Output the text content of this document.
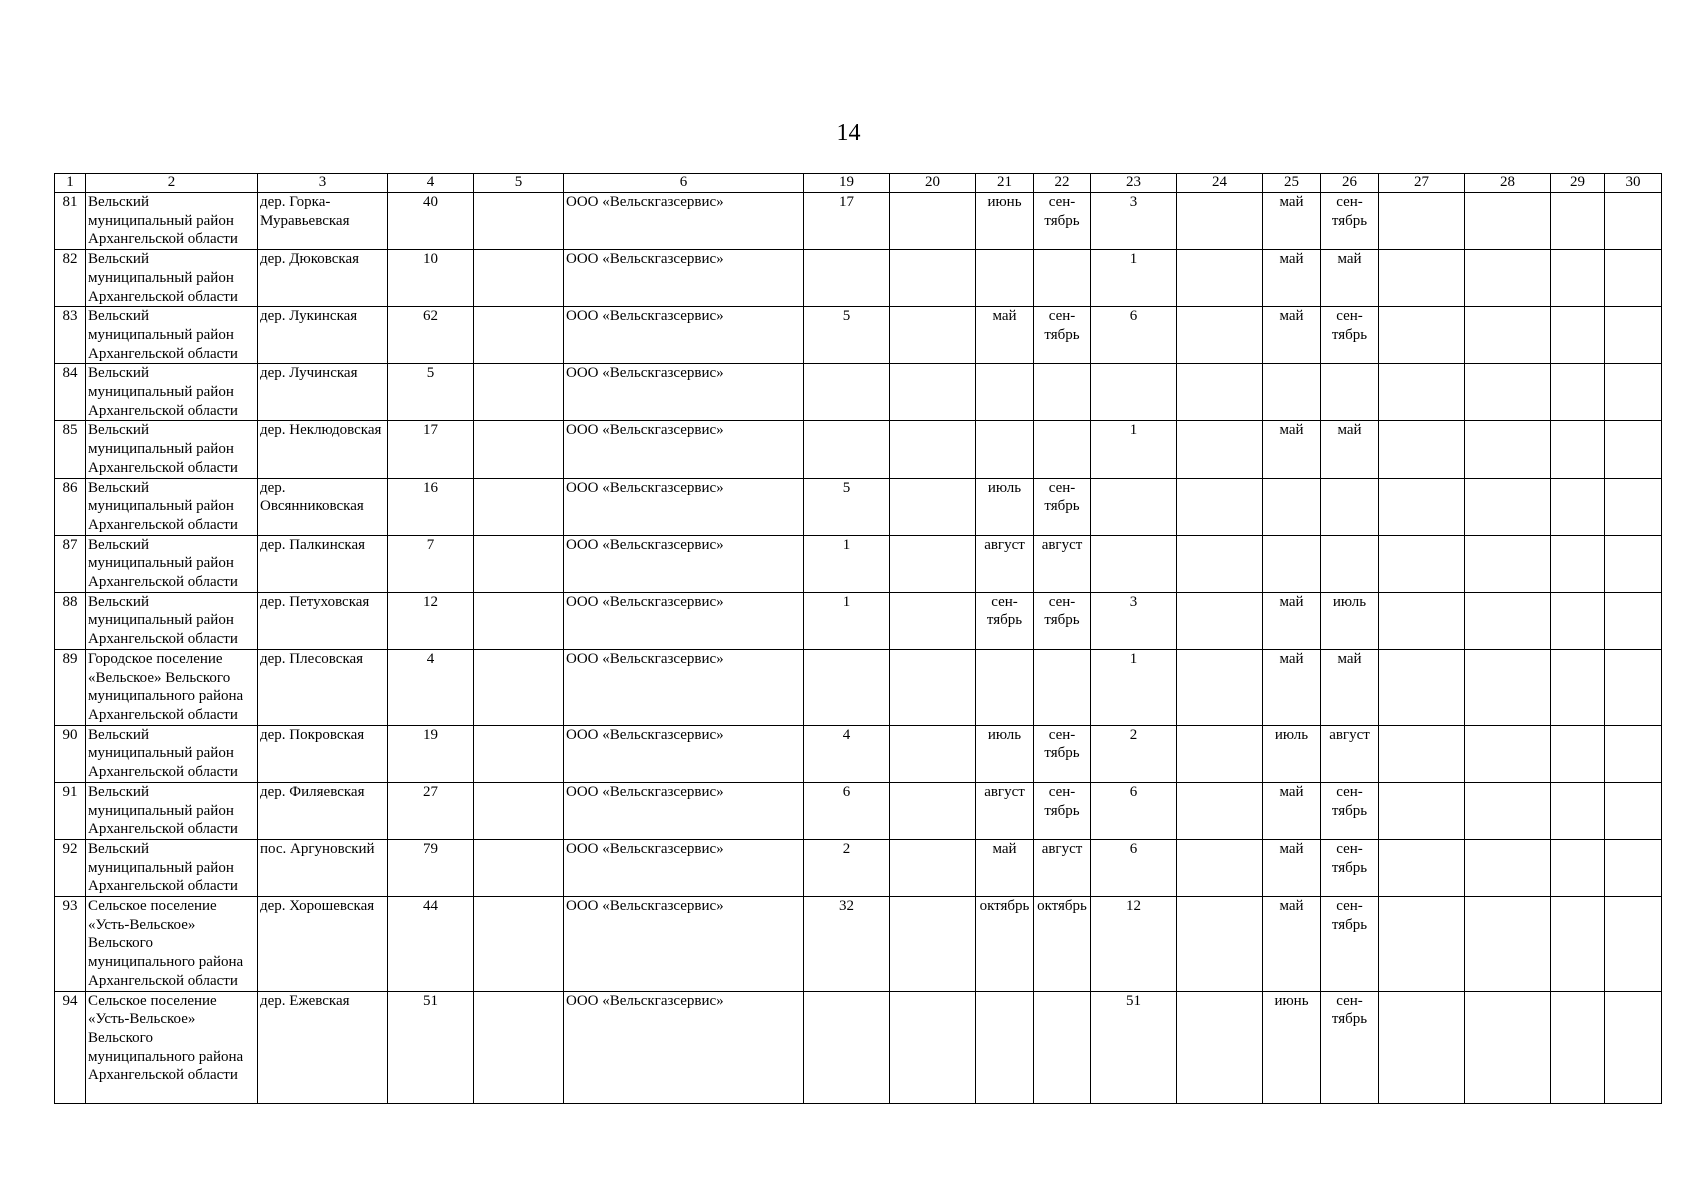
14
1	2	3	4	5	6	19	20	21	22	23	24	25	26	27	28	29	30
81	Вельский муниципальный район Архангельской области	дер. Горка-Муравьевская	40		ООО «Вельскгазсервис»	17		июнь	сен-тябрь	3		май	сен-тябрь				
82	Вельский муниципальный район Архангельской области	дер. Дюковская	10		ООО «Вельскгазсервис»					1		май	май				
83	Вельский муниципальный район Архангельской области	дер. Лукинская	62		ООО «Вельскгазсервис»	5		май	сен-тябрь	6		май	сен-тябрь				
84	Вельский муниципальный район Архангельской области	дер. Лучинская	5		ООО «Вельскгазсервис»												
85	Вельский муниципальный район Архангельской области	дер. Неклюдовская	17		ООО «Вельскгазсервис»					1		май	май				
86	Вельский муниципальный район Архангельской области	дер. Овсянниковская	16		ООО «Вельскгазсервис»	5		июль	сен-тябрь								
87	Вельский муниципальный район Архангельской области	дер. Палкинская	7		ООО «Вельскгазсервис»	1		август	август								
88	Вельский муниципальный район Архангельской области	дер. Петуховская	12		ООО «Вельскгазсервис»	1		сен-тябрь	сен-тябрь	3		май	июль				
89	Городское поселение «Вельское» Вельского муниципального района Архангельской области	дер. Плесовская	4		ООО «Вельскгазсервис»					1		май	май				
90	Вельский муниципальный район Архангельской области	дер. Покровская	19		ООО «Вельскгазсервис»	4		июль	сен-тябрь	2		июль	август				
91	Вельский муниципальный район Архангельской области	дер. Филяевская	27		ООО «Вельскгазсервис»	6		август	сен-тябрь	6		май	сен-тябрь				
92	Вельский муниципальный район Архангельской области	пос. Аргуновский	79		ООО «Вельскгазсервис»	2		май	август	6		май	сен-тябрь				
93	Сельское поселение «Усть-Вельское» Вельского муниципального района Архангельской области	дер. Хорошевская	44		ООО «Вельскгазсервис»	32		октябрь	октябрь	12		май	сен-тябрь				
94	Сельское поселение «Усть-Вельское» Вельского муниципального района Архангельской области	дер. Ежевская	51		ООО «Вельскгазсервис»					51		июнь	сен-тябрь				
